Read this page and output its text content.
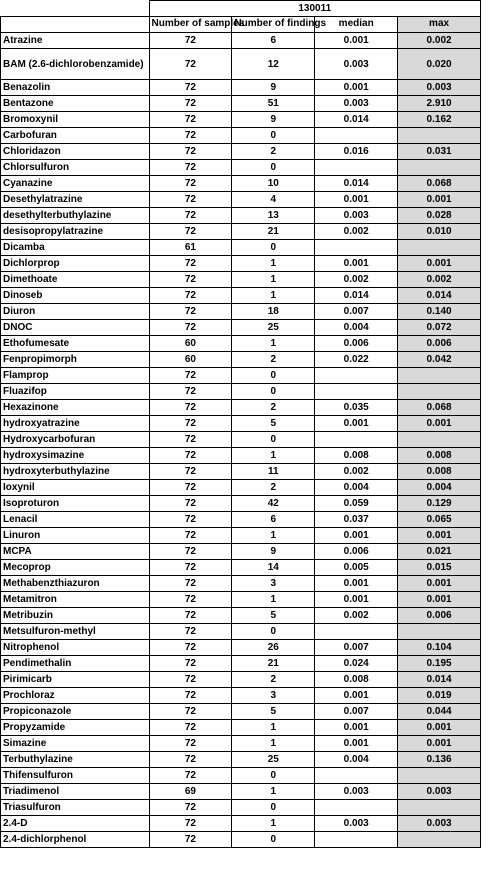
	130011			
	Number of samples	Number of findings	median	max
Atrazine	72	6	0.001	0.002
BAM (2.6-dichlorobenzamide)	72	12	0.003	0.020
Benazolin	72	9	0.001	0.003
Bentazone	72	51	0.003	2.910
Bromoxynil	72	9	0.014	0.162
Carbofuran	72	0		
Chloridazon	72	2	0.016	0.031
Chlorsulfuron	72	0		
Cyanazine	72	10	0.014	0.068
Desethylatrazine	72	4	0.001	0.001
desethylterbuthylazine	72	13	0.003	0.028
desisopropylatrazine	72	21	0.002	0.010
Dicamba	61	0		
Dichlorprop	72	1	0.001	0.001
Dimethoate	72	1	0.002	0.002
Dinoseb	72	1	0.014	0.014
Diuron	72	18	0.007	0.140
DNOC	72	25	0.004	0.072
Ethofumesate	60	1	0.006	0.006
Fenpropimorph	60	2	0.022	0.042
Flamprop	72	0		
Fluazifop	72	0		
Hexazinone	72	2	0.035	0.068
hydroxyatrazine	72	5	0.001	0.001
Hydroxycarbofuran	72	0		
hydroxysimazine	72	1	0.008	0.008
hydroxyterbuthylazine	72	11	0.002	0.008
Ioxynil	72	2	0.004	0.004
Isoproturon	72	42	0.059	0.129
Lenacil	72	6	0.037	0.065
Linuron	72	1	0.001	0.001
MCPA	72	9	0.006	0.021
Mecoprop	72	14	0.005	0.015
Methabenzthiazuron	72	3	0.001	0.001
Metamitron	72	1	0.001	0.001
Metribuzin	72	5	0.002	0.006
Metsulfuron-methyl	72	0		
Nitrophenol	72	26	0.007	0.104
Pendimethalin	72	21	0.024	0.195
Pirimicarb	72	2	0.008	0.014
Prochloraz	72	3	0.001	0.019
Propiconazole	72	5	0.007	0.044
Propyzamide	72	1	0.001	0.001
Simazine	72	1	0.001	0.001
Terbuthylazine	72	25	0.004	0.136
Thifensulfuron	72	0		
Triadimenol	69	1	0.003	0.003
Triasulfuron	72	0		
2.4-D	72	1	0.003	0.003
2.4-dichlorphenol	72	0		
